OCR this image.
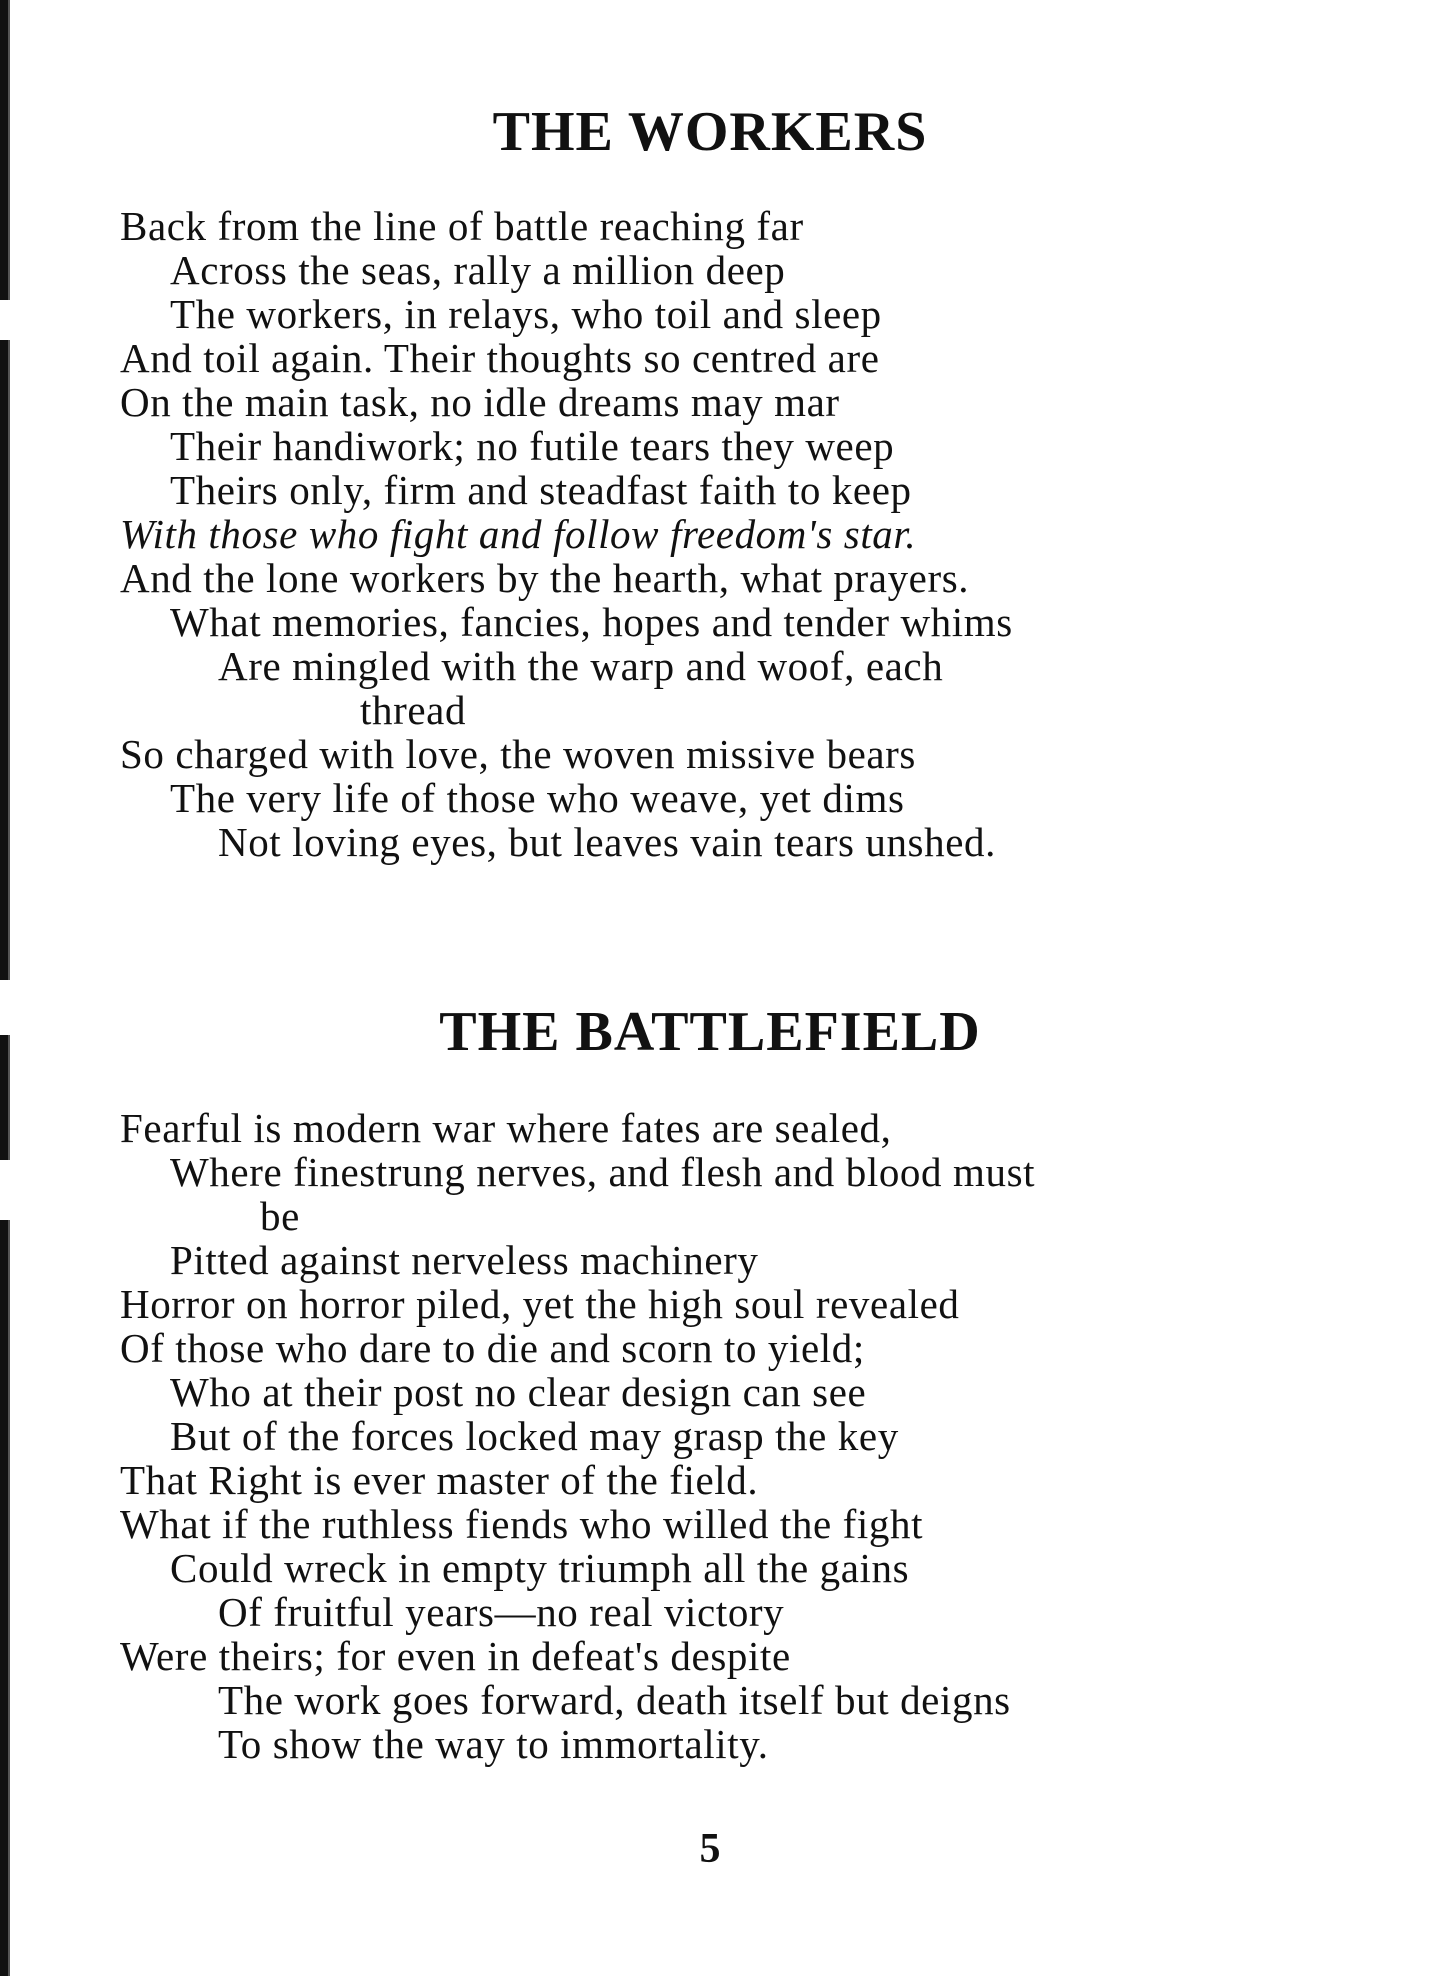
THE WORKERS
Back from the line of battle reaching far
Across the seas, rally a million deep
The workers, in relays, who toil and sleep
And toil again. Their thoughts so centred are
On the main task, no idle dreams may mar
Their handiwork; no futile tears they weep
Theirs only, firm and steadfast faith to keep
With those who fight and follow freedom's star.
And the lone workers by the hearth, what prayers.
What memories, fancies, hopes and tender whims
Are mingled with the warp and woof, each
thread
So charged with love, the woven missive bears
The very life of those who weave, yet dims
Not loving eyes, but leaves vain tears unshed.
THE BATTLEFIELD
Fearful is modern war where fates are sealed,
Where finestrung nerves, and flesh and blood must
be
Pitted against nerveless machinery
Horror on horror piled, yet the high soul revealed
Of those who dare to die and scorn to yield;
Who at their post no clear design can see
But of the forces locked may grasp the key
That Right is ever master of the field.
What if the ruthless fiends who willed the fight
Could wreck in empty triumph all the gains
Of fruitful years—no real victory
Were theirs; for even in defeat's despite
The work goes forward, death itself but deigns
To show the way to immortality.
5
